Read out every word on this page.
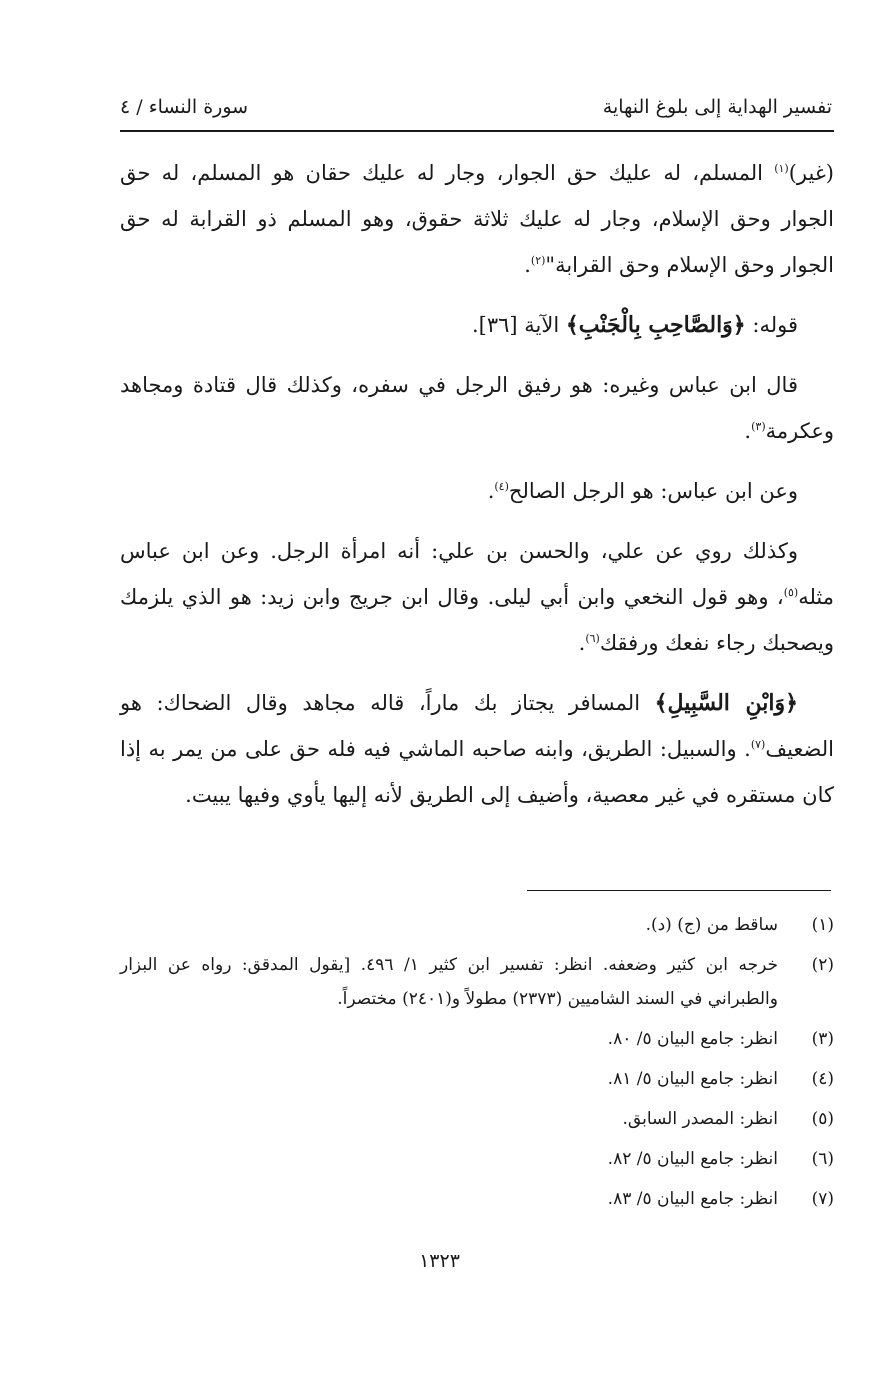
تفسير الهداية إلى بلوغ النهاية
سورة النساء / ٤

(غير)$^{(١)}$ المسلم، له عليك حق الجوار، وجار له عليك حقان هو المسلم، له حق الجوار وحق الإسلام، وجار له عليك ثلاثة حقوق، وهو المسلم ذو القرابة له حق الجوار وحق الإسلام وحق القرابة"$^{(٢)}$.

قوله: ﴿وَالصَّاحِبِ بِالْجَنْبِ﴾ الآية [٣٦].

قال ابن عباس وغيره: هو رفيق الرجل في سفره، وكذلك قال قتادة ومجاهد وعكرمة$^{(٣)}$.

وعن ابن عباس: هو الرجل الصالح$^{(٤)}$.

وكذلك روي عن علي، والحسن بن علي: أنه امرأة الرجل. وعن ابن عباس مثله$^{(٥)}$، وهو قول النخعي وابن أبي ليلى. وقال ابن جريج وابن زيد: هو الذي يلزمك ويصحبك رجاء نفعك ورفقك$^{(٦)}$.

﴿وَابْنِ السَّبِيلِ﴾ المسافر يجتاز بك ماراً، قاله مجاهد وقال الضحاك: هو الضعيف$^{(٧)}$. والسبيل: الطريق، وابنه صاحبه الماشي فيه فله حق على من يمر به إذا كان مستقره في غير معصية، وأضيف إلى الطريق لأنه إليها يأوي وفيها يبيت.

(١)
ساقط من (ج) (د).
(٢)
خرجه ابن كثير وضعفه. انظر: تفسير ابن كثير ١/ ٤٩٦. [يقول المدقق: رواه عن البزار والطبراني في السند الشاميين (٢٣٧٣) مطولاً و(٢٤٠١) مختصراً.
(٣)
انظر: جامع البيان ٥/ ٨٠.
(٤)
انظر: جامع البيان ٥/ ٨١.
(٥)
انظر: المصدر السابق.
(٦)
انظر: جامع البيان ٥/ ٨٢.
(٧)
انظر: جامع البيان ٥/ ٨٣.
١٣٢٣
